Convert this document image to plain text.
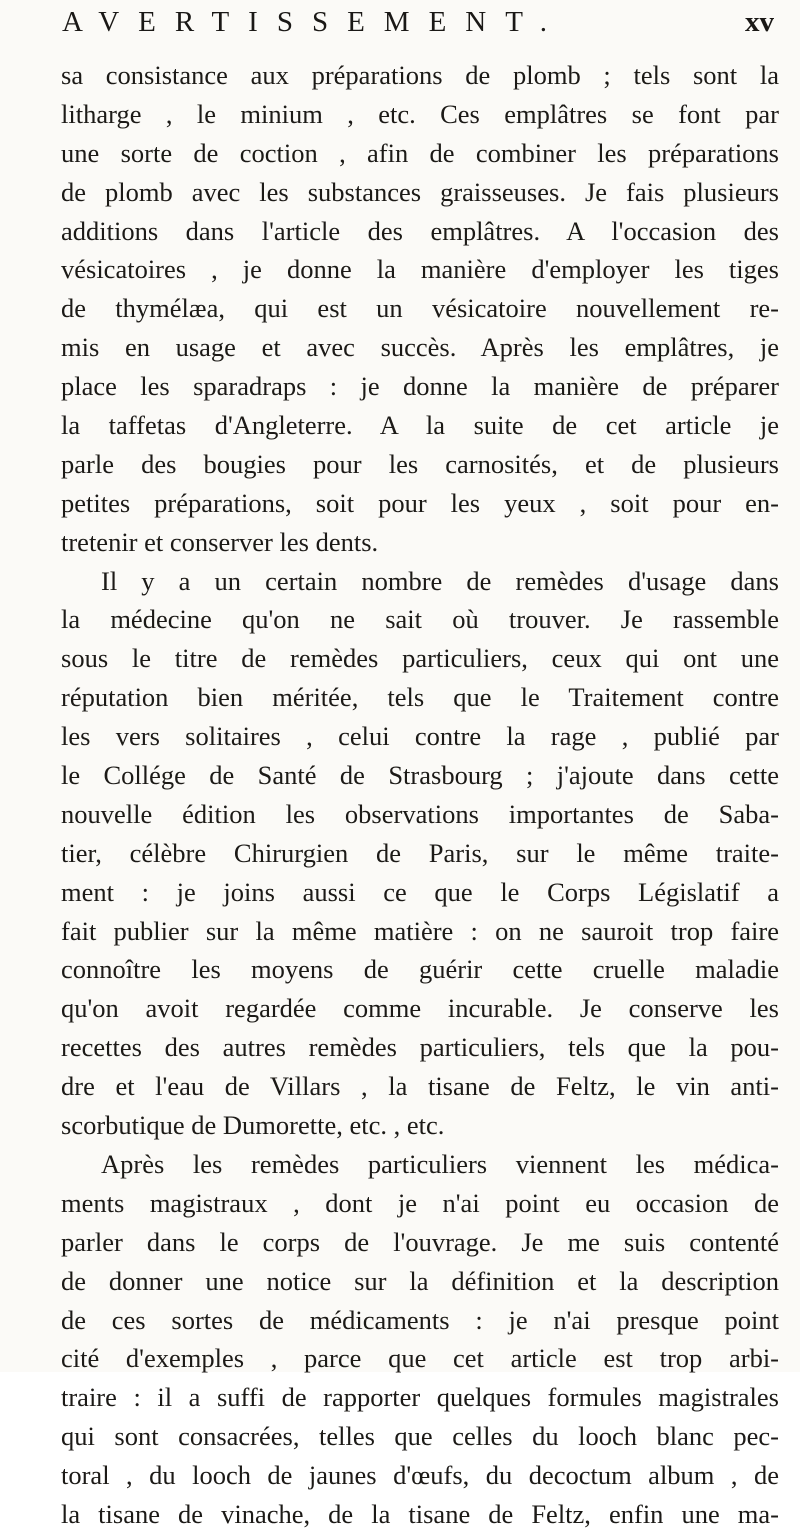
AVERTISSEMENT.	xv
sa consistance aux préparations de plomb ; tels sont la
litharge , le minium , etc. Ces emplâtres se font par
une sorte de coction , afin de combiner les préparations
de plomb avec les substances graisseuses. Je fais plusieurs
additions dans l'article des emplâtres. A l'occasion des
vésicatoires , je donne la manière d'employer les tiges
de thymélæa, qui est un vésicatoire nouvellement re-
mis en usage et avec succès. Après les emplâtres, je
place les sparadraps : je donne la manière de préparer
la taffetas d'Angleterre. A la suite de cet article je
parle des bougies pour les carnosités, et de plusieurs
petites préparations, soit pour les yeux , soit pour en-
tretenir et conserver les dents.
Il y a un certain nombre de remèdes d'usage dans
la médecine qu'on ne sait où trouver. Je rassemble
sous le titre de remèdes particuliers, ceux qui ont une
réputation bien méritée, tels que le Traitement contre
les vers solitaires , celui contre la rage , publié par
le Collége de Santé de Strasbourg ; j'ajoute dans cette
nouvelle édition les observations importantes de Saba-
tier, célèbre Chirurgien de Paris, sur le même traite-
ment : je joins aussi ce que le Corps Législatif a
fait publier sur la même matière : on ne sauroit trop faire
connoître les moyens de guérir cette cruelle maladie
qu'on avoit regardée comme incurable. Je conserve les
recettes des autres remèdes particuliers, tels que la pou-
dre et l'eau de Villars , la tisane de Feltz, le vin anti-
scorbutique de Dumorette, etc. , etc.
Après les remèdes particuliers viennent les médica-
ments magistraux , dont je n'ai point eu occasion de
parler dans le corps de l'ouvrage. Je me suis contenté
de donner une notice sur la définition et la description
de ces sortes de médicaments : je n'ai presque point
cité d'exemples , parce que cet article est trop arbi-
traire : il a suffi de rapporter quelques formules magistrales
qui sont consacrées, telles que celles du looch blanc pec-
toral , du looch de jaunes d'œufs, du decoctum album , de
la tisane de vinache, de la tisane de Feltz, enfin une ma-
